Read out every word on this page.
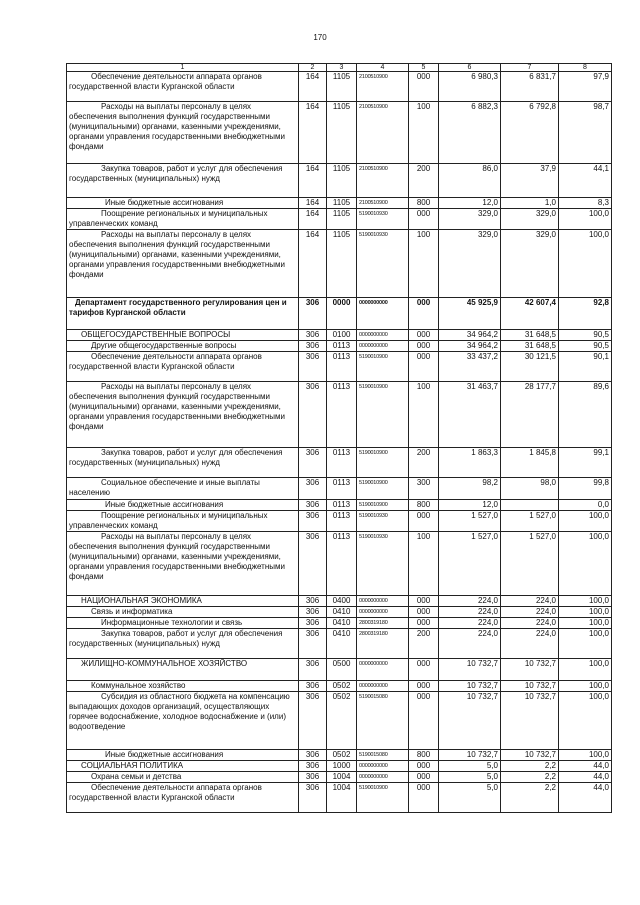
170
1	2	3	4	5	6	7	8

Обеспечение деятельности аппарата органов государственной власти Курганской области	164	1105	2100510900	000	6 980,3	6 831,7	97,9

Расходы на выплаты персоналу в целях обеспечения выполнения функций государственными (муниципальными) органами, казенными учреждениями, органами управления государственными внебюджетными фондами	164	1105	2100510900	100	6 882,3	6 792,8	98,7

Закупка товаров, работ и услуг для обеспечения государственных (муниципальных) нужд	164	1105	2100510900	200	86,0	37,9	44,1

Иные бюджетные ассигнования	164	1105	2100510900	800	12,0	1,0	8,3

Поощрение региональных и муниципальных управленческих команд	164	1105	5190010930	000	329,0	329,0	100,0

Расходы на выплаты персоналу в целях обеспечения выполнения функций государственными (муниципальными) органами, казенными учреждениями, органами управления государственными внебюджетными фондами	164	1105	5190010930	100	329,0	329,0	100,0

Департамент государственного регулирования цен и тарифов Курганской области	306	0000	0000000000	000	45 925,9	42 607,4	92,8

ОБЩЕГОСУДАРСТВЕННЫЕ ВОПРОСЫ	306	0100	0000000000	000	34 964,2	31 648,5	90,5

Другие общегосударственные вопросы	306	0113	0000000000	000	34 964,2	31 648,5	90,5

Обеспечение деятельности аппарата органов государственной власти Курганской области	306	0113	5190010900	000	33 437,2	30 121,5	90,1

Расходы на выплаты персоналу в целях обеспечения выполнения функций государственными (муниципальными) органами, казенными учреждениями, органами управления государственными внебюджетными фондами	306	0113	5190010900	100	31 463,7	28 177,7	89,6

Закупка товаров, работ и услуг для обеспечения государственных (муниципальных) нужд	306	0113	5190010900	200	1 863,3	1 845,8	99,1

Социальное обеспечение и иные выплаты населению	306	0113	5190010900	300	98,2	98,0	99,8

Иные бюджетные ассигнования	306	0113	5190010900	800	12,0		0,0

Поощрение региональных и муниципальных управленческих команд	306	0113	5190010930	000	1 527,0	1 527,0	100,0

Расходы на выплаты персоналу в целях обеспечения выполнения функций государственными (муниципальными) органами, казенными учреждениями, органами управления государственными внебюджетными фондами	306	0113	5190010930	100	1 527,0	1 527,0	100,0

НАЦИОНАЛЬНАЯ ЭКОНОМИКА	306	0400	0000000000	000	224,0	224,0	100,0

Связь и информатика	306	0410	0000000000	000	224,0	224,0	100,0

Информационные технологии и связь	306	0410	2800319180	000	224,0	224,0	100,0

Закупка товаров, работ и услуг для обеспечения государственных (муниципальных) нужд	306	0410	2800319180	200	224,0	224,0	100,0

ЖИЛИЩНО-КОММУНАЛЬНОЕ ХОЗЯЙСТВО	306	0500	0000000000	000	10 732,7	10 732,7	100,0

Коммунальное хозяйство	306	0502	0000000000	000	10 732,7	10 732,7	100,0

Субсидия из областного бюджета на компенсацию выпадающих доходов организаций, осуществляющих горячее водоснабжение, холодное водоснабжение и (или) водоотведение	306	0502	5190015080	000	10 732,7	10 732,7	100,0

Иные бюджетные ассигнования	306	0502	5190015080	800	10 732,7	10 732,7	100,0

СОЦИАЛЬНАЯ ПОЛИТИКА	306	1000	0000000000	000	5,0	2,2	44,0

Охрана семьи и детства	306	1004	0000000000	000	5,0	2,2	44,0

Обеспечение деятельности аппарата органов государственной власти Курганской области	306	1004	5190010900	000	5,0	2,2	44,0
